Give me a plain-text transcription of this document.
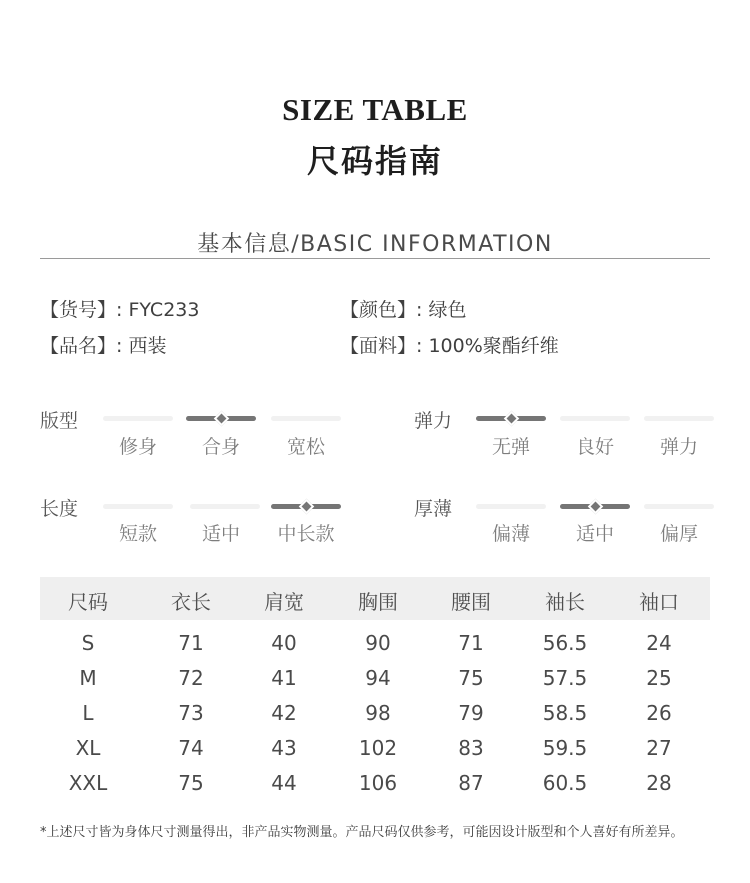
SIZE TABLE
尺码指南
基本信息/BASIC INFORMATION
【货号】: FYC233	【颜色】: 绿色
【品名】: 西装	【面料】: 100%聚酯纤维
版型
修身	合身	宽松
弹力
无弹	良好	弹力
长度
短款	适中	中长款
厚薄
偏薄	适中	偏厚
尺码	衣长	肩宽	胸围	腰围	袖长	袖口
S	71	40	90	71	56.5	24
M	72	41	94	75	57.5	25
L	73	42	98	79	58.5	26
XL	74	43	102	83	59.5	27
XXL	75	44	106	87	60.5	28
*上述尺寸皆为身体尺寸测量得出，非产品实物测量。产品尺码仅供参考，可能因设计版型和个人喜好有所差异。
